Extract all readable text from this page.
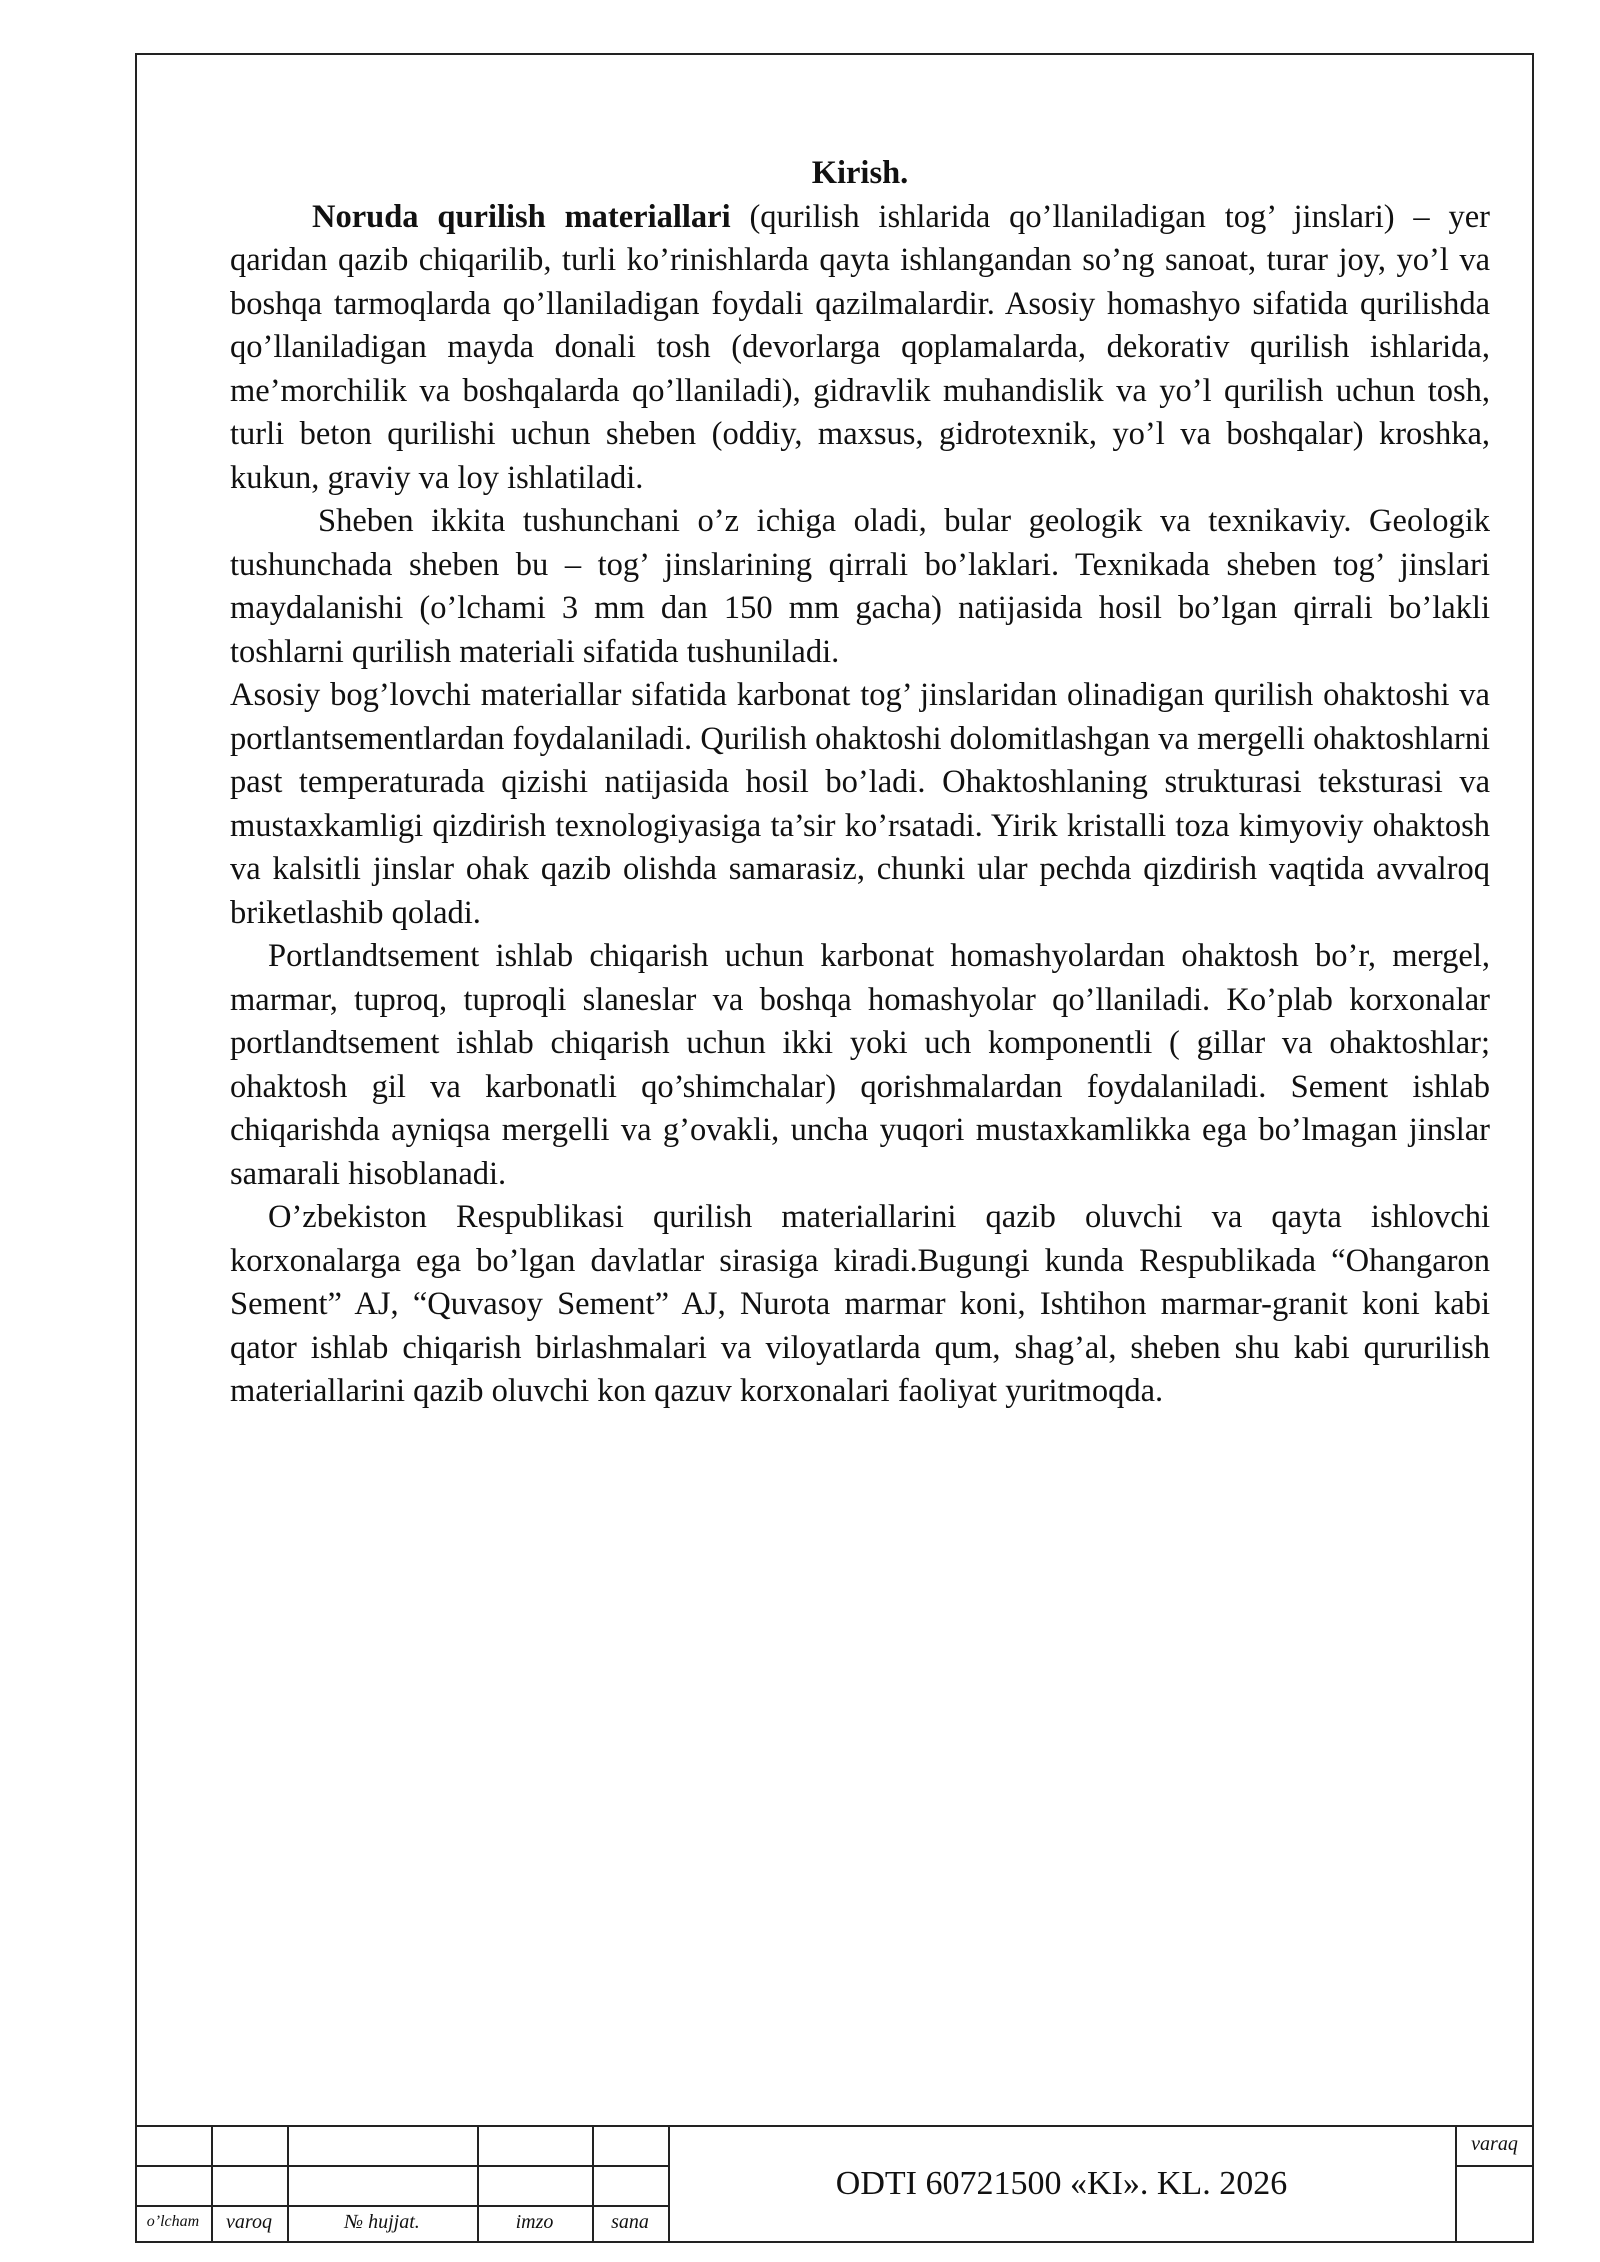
Kirish.

Noruda qurilish materiallari (qurilish ishlarida qo’llaniladigan tog’ jinslari) – yer qaridan qazib chiqarilib, turli ko’rinishlarda qayta ishlangandan so’ng sanoat, turar joy, yo’l va boshqa tarmoqlarda qo’llaniladigan foydali qazilmalardir. Asosiy homashyo sifatida qurilishda qo’llaniladigan mayda donali tosh (devorlarga qoplamalarda, dekorativ qurilish ishlarida, me’morchilik va boshqalarda qo’llaniladi), gidravlik muhandislik va yo’l qurilish uchun tosh, turli beton qurilishi uchun sheben (oddiy, maxsus, gidrotexnik, yo’l va boshqalar) kroshka, kukun, graviy va loy ishlatiladi.

Sheben ikkita tushunchani o’z ichiga oladi, bular geologik va texnikaviy. Geologik tushunchada sheben bu – tog’ jinslarining qirrali bo’laklari. Texnikada sheben tog’ jinslari maydalanishi (o’lchami 3 mm dan 150 mm gacha) natijasida hosil bo’lgan qirrali bo’lakli toshlarni qurilish materiali sifatida tushuniladi.

Asosiy bog’lovchi materiallar sifatida karbonat tog’ jinslaridan olinadigan qurilish ohaktoshi va portlantsementlardan foydalaniladi. Qurilish ohaktoshi dolomitlashgan va mergelli ohaktoshlarni past temperaturada qizishi natijasida hosil bo’ladi. Ohaktoshlaning strukturasi teksturasi va mustaxkamligi qizdirish texnologiyasiga ta’sir ko’rsatadi. Yirik kristalli toza kimyoviy ohaktosh va kalsitli jinslar ohak qazib olishda samarasiz, chunki ular pechda qizdirish vaqtida avvalroq briketlashib qoladi.

Portlandtsement ishlab chiqarish uchun karbonat homashyolardan ohaktosh bo’r, mergel, marmar, tuproq, tuproqli slaneslar va boshqa homashyolar qo’llaniladi. Ko’plab korxonalar portlandtsement ishlab chiqarish uchun ikki yoki uch komponentli ( gillar va ohaktoshlar; ohaktosh gil va karbonatli qo’shimchalar) qorishmalardan foydalaniladi. Sement ishlab chiqarishda ayniqsa mergelli va g’ovakli, uncha yuqori mustaxkamlikka ega bo’lmagan jinslar samarali hisoblanadi.

O’zbekiston Respublikasi qurilish materiallarini qazib oluvchi va qayta ishlovchi korxonalarga ega bo’lgan davlatlar sirasiga kiradi.Bugungi kunda Respublikada “Ohangaron Sement” AJ, “Quvasoy Sement” AJ, Nurota marmar koni, Ishtihon marmar-granit koni kabi qator ishlab chiqarish birlashmalari va viloyatlarda qum, shag’al, sheben shu kabi qururilish materiallarini qazib oluvchi kon qazuv korxonalari faoliyat yuritmoqda.

o’lcham	varoq	№ hujjat.	imzo	sana
varaq
ODTI 60721500 «KI». KL. 2026
